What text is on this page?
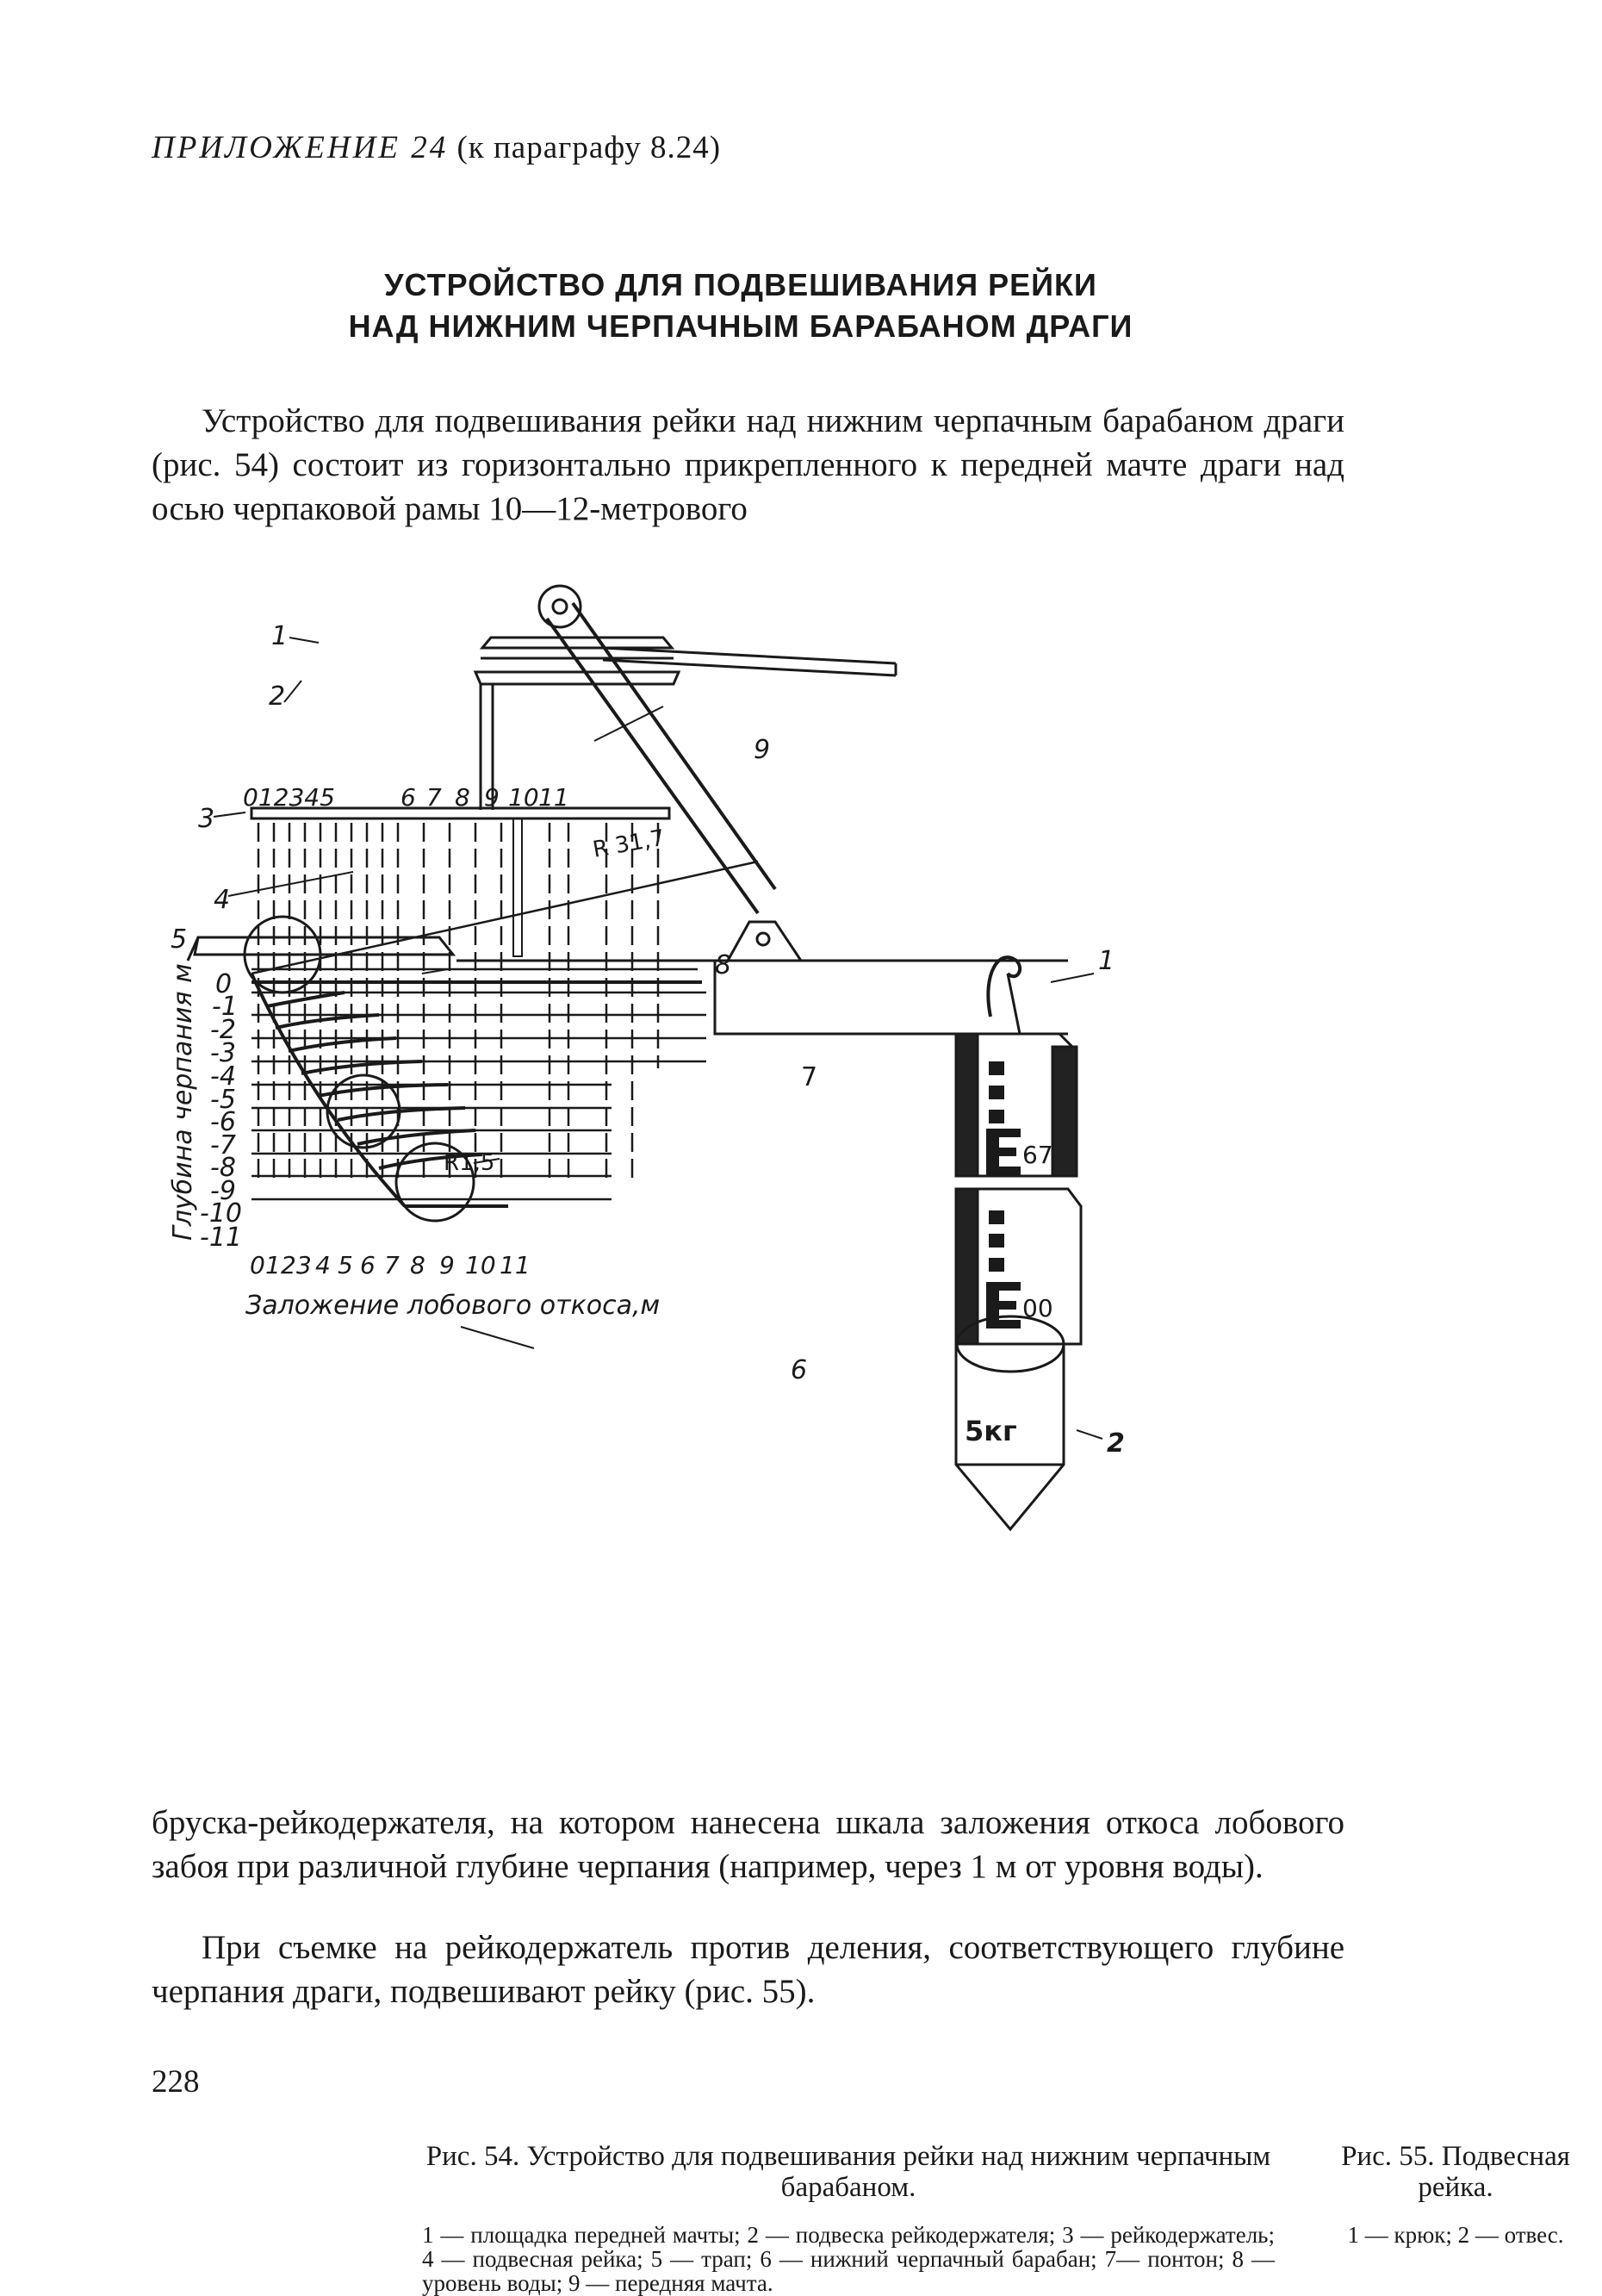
ПРИЛОЖЕНИЕ 24 (к параграфу 8.24)
УСТРОЙСТВО ДЛЯ ПОДВЕШИВАНИЯ РЕЙКИ
НАД НИЖНИМ ЧЕРПАЧНЫМ БАРАБАНОМ ДРАГИ
Устройство для подвешивания рейки над нижним черпачным барабаном драги (рис. 54) состоит из горизонтально прикрепленного к передней мачте драги над осью черпаковой рамы 10—12-метрового
1
2
3
4
5
6
7
8
9
012345	6 7 8 9 10 11
0
-1
-2
-3
-4
-5
-6
-7
-8
-9
-10
-11
0 1 2 3 4 5 6 7 8 9 10 11
Заложение лобового откоса,м
Глубина черпания м
R 31,7
R1,5
1
2
67
00
5кг
Рис. 54. Устройство для подвешивания рейки над нижним черпачным барабаном.
1 — площадка передней мачты; 2 — подвеска рейкодержателя; 3 — рейкодержатель; 4 — подвесная рейка; 5 — трап; 6 — нижний черпачный барабан; 7— понтон; 8 — уровень воды; 9 — передняя мачта.
Рис. 55. Подвесная рейка.
1 — крюк; 2 — отвес.
бруска-рейкодержателя, на котором нанесена шкала заложения откоса лобового забоя при различной глубине черпания (например, через 1 м от уровня воды).
При съемке на рейкодержатель против деления, соответствующего глубине черпания драги, подвешивают рейку (рис. 55).
228
